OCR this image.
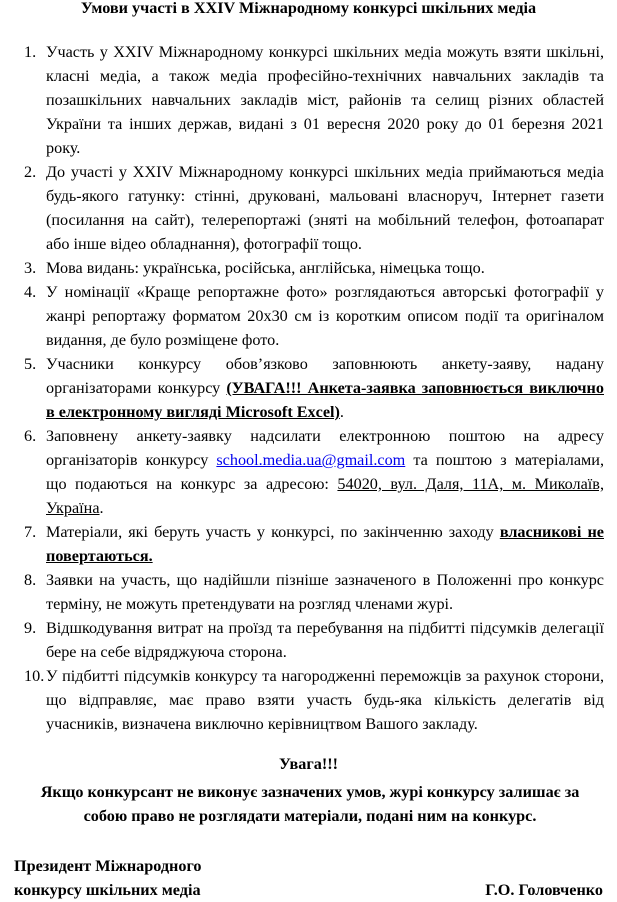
Умови участі в XXIV Міжнародному конкурсі шкільних медіа
1. Участь у XXIV Міжнародному конкурсі шкільних медіа можуть взяти шкільні, класні медіа, а також медіа професійно-технічних навчальних закладів та позашкільних навчальних закладів міст, районів та селищ різних областей України та інших держав, видані з 01 вересня 2020 року до 01 березня 2021 року.
2. До участі у XXIV Міжнародному конкурсі шкільних медіа приймаються медіа будь-якого гатунку: стінні, друковані, мальовані власноруч, Інтернет газети (посилання на сайт), телерепортажі (зняті на мобільний телефон, фотоапарат або інше відео обладнання), фотографії тощо.
3. Мова видань: українська, російська, англійська, німецька тощо.
4. У номінації «Краще репортажне фото» розглядаються авторські фотографії у жанрі репортажу форматом 20х30 см із коротким описом події та оригіналом видання, де було розміщене фото.
5. Учасники конкурсу обов’язково заповнюють анкету-заяву, надану організаторами конкурсу (УВАГА!!! Анкета-заявка заповнюється виключно в електронному вигляді Microsoft Excel).
6. Заповнену анкету-заявку надсилати електронною поштою на адресу організаторів конкурсу school.media.ua@gmail.com та поштою з матеріалами, що подаються на конкурс за адресою: 54020, вул. Даля, 11А, м. Миколаїв, Україна.
7. Матеріали, які беруть участь у конкурсі, по закінченню заходу власникові не повертаються.
8. Заявки на участь, що надійшли пізніше зазначеного в Положенні про конкурс терміну, не можуть претендувати на розгляд членами журі.
9. Відшкодування витрат на проїзд та перебування на підбитті підсумків делегації бере на себе відряджуюча сторона.
10. У підбитті підсумків конкурсу та нагородженні переможців за рахунок сторони, що відправляє, має право взяти участь будь-яка кількість делегатів від учасників, визначена виключно керівництвом Вашого закладу.
Увага!!!
Якщо конкурсант не виконує зазначених умов, журі конкурсу залишає за собою право не розглядати матеріали, подані ним на конкурс.
Президент Міжнародного
конкурсу шкільних медіа	Г.О. Головченко
